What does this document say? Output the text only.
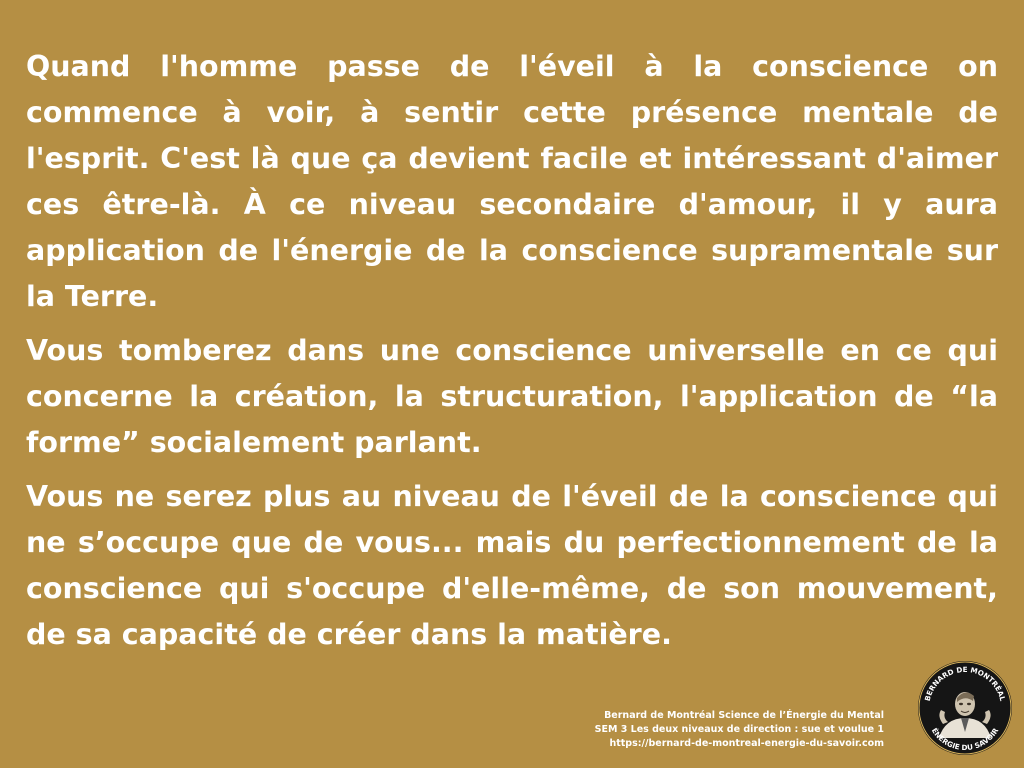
Quand l'homme passe de l'éveil à la conscience on commence à voir, à sentir cette présence mentale de l'esprit. C'est là que ça devient facile et intéressant d'aimer ces être-là. À ce niveau secondaire d'amour, il y aura application de l'énergie de la conscience supramentale sur la Terre.

Vous tomberez dans une conscience universelle en ce qui concerne la création, la structuration, l'application de “la forme” socialement parlant.

Vous ne serez plus au niveau de l'éveil de la conscience qui ne s’occupe que de vous... mais du perfectionnement de la conscience qui s'occupe d'elle-même, de son mouvement, de sa capacité de créer dans la matière.

Bernard de Montréal Science de l’Énergie du Mental
SEM 3 Les deux niveaux de direction : sue et voulue 1
https://bernard-de-montreal-energie-du-savoir.com
BERNARD DE MONTRÉAL
ÉNERGIE DU SAVOIR
